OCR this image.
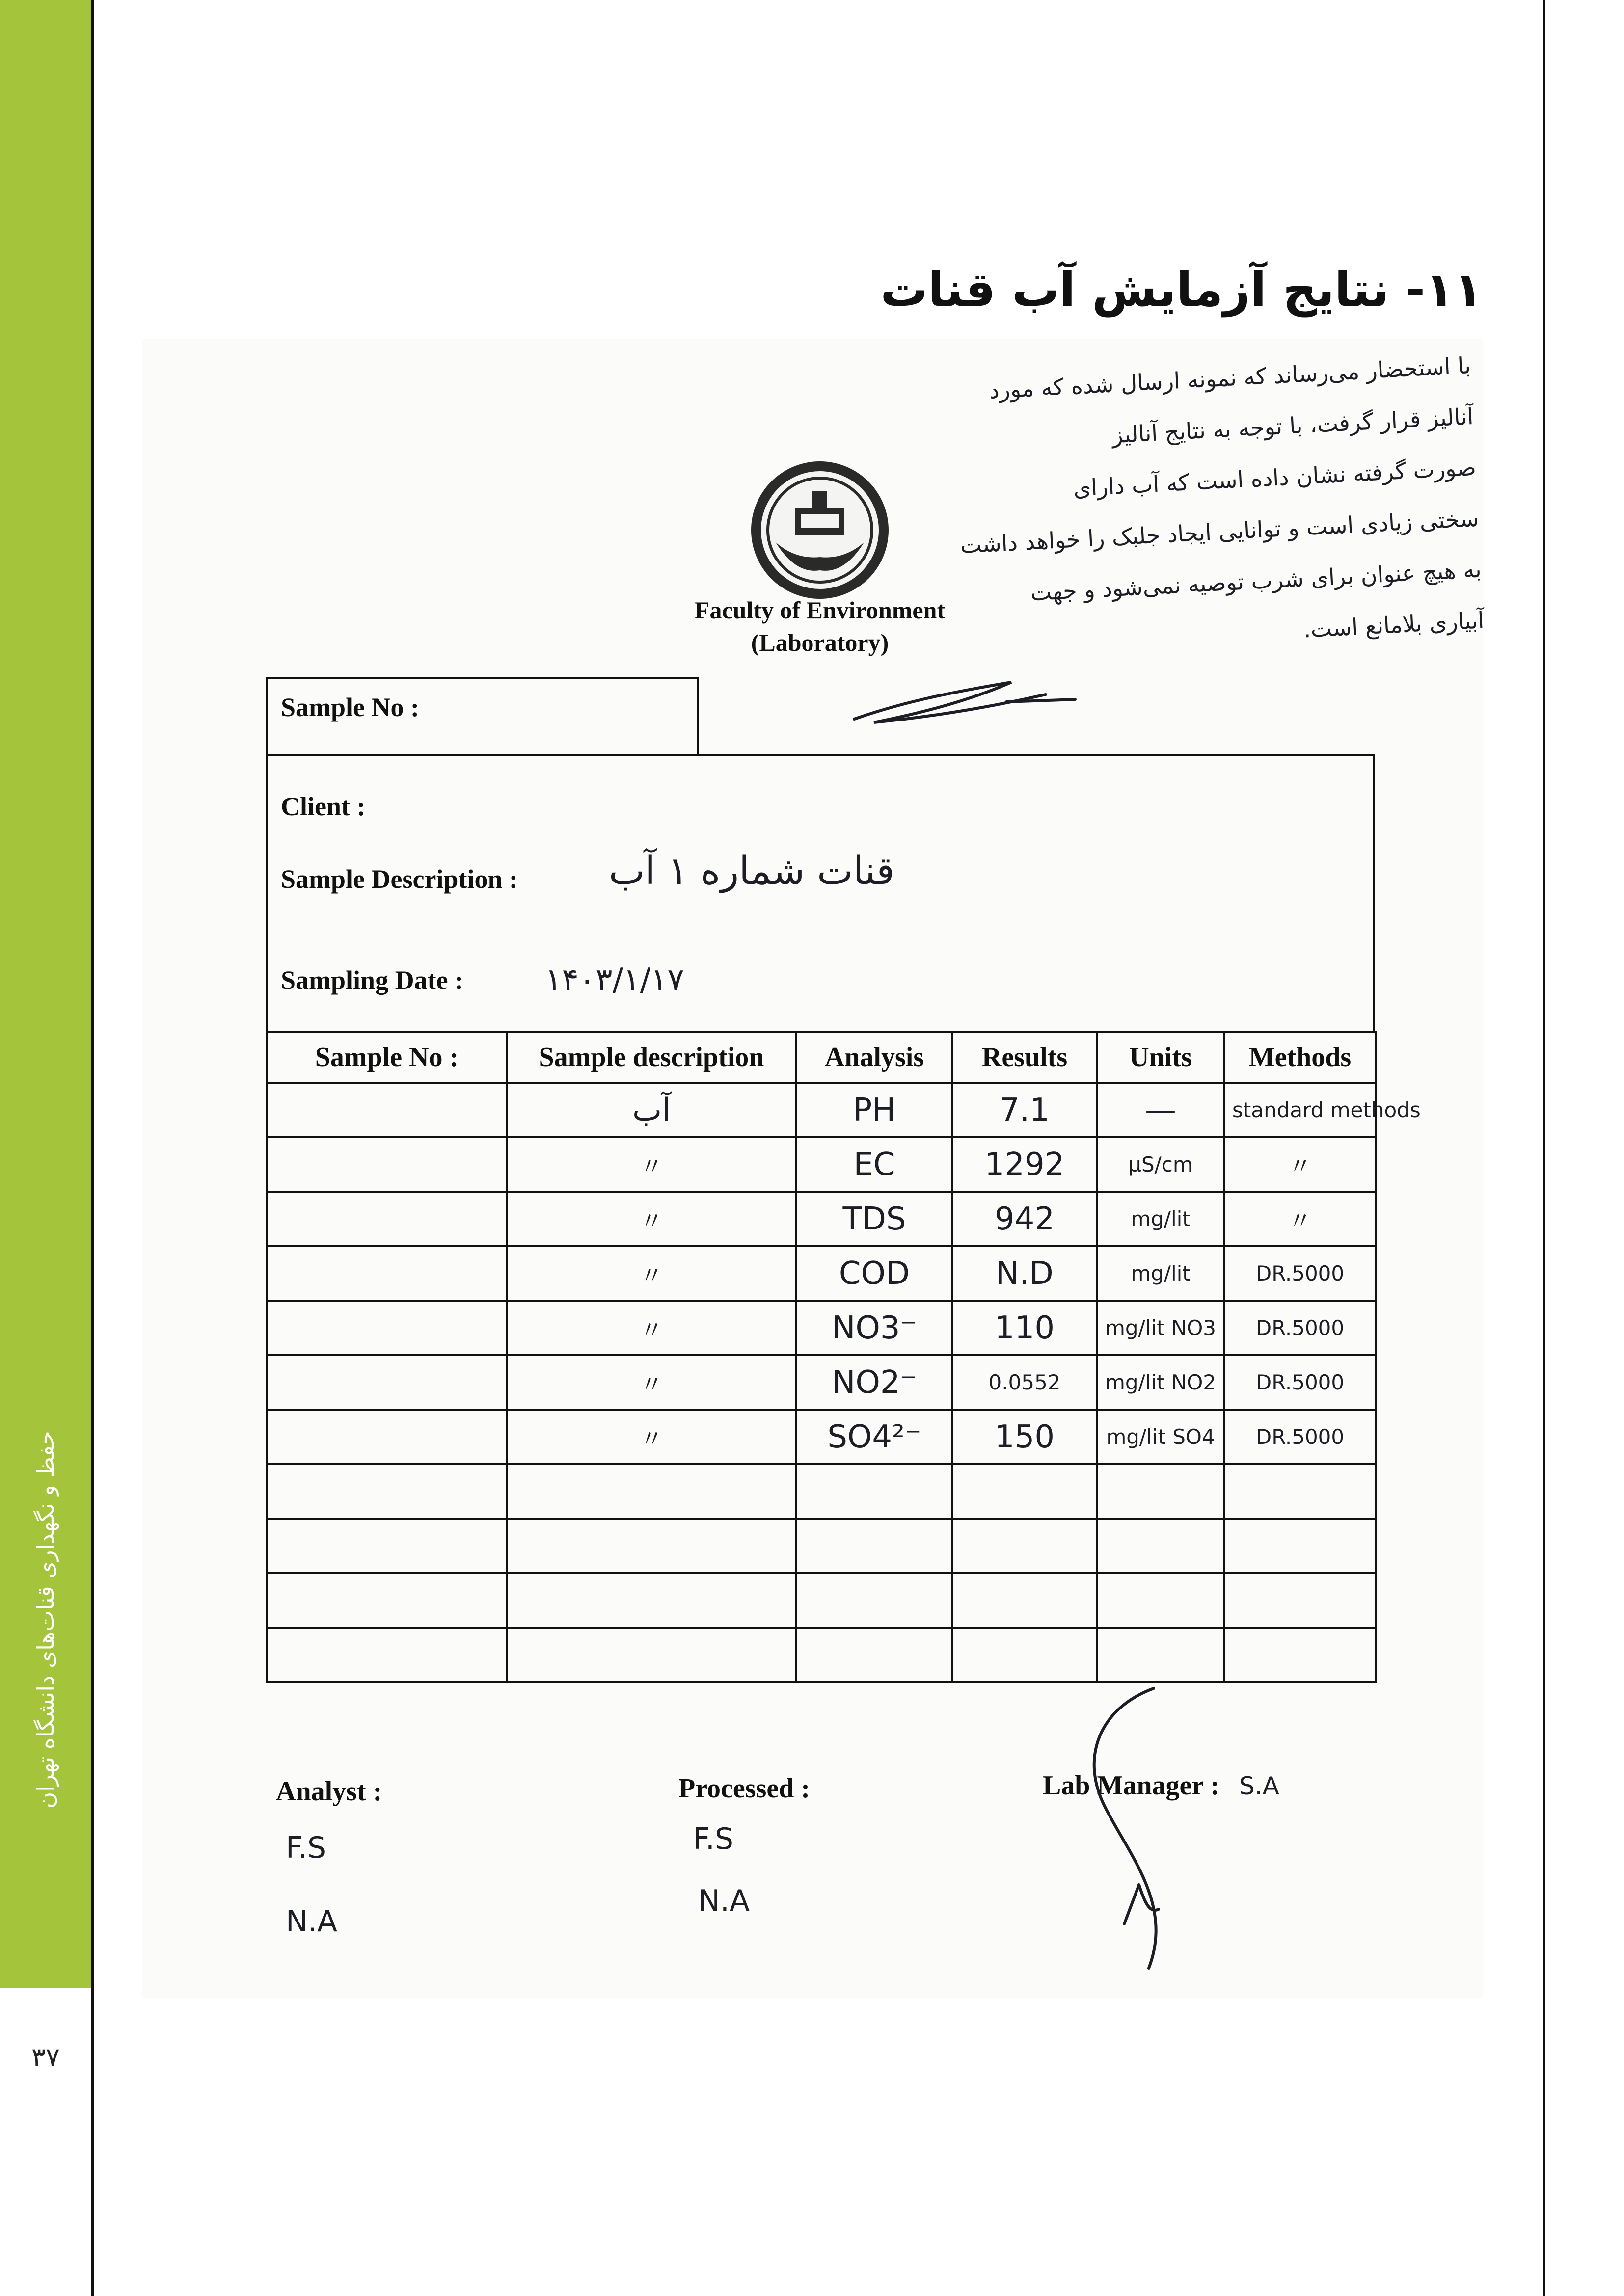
حفظ و نگهداری قنات‌های دانشگاه تهران
۳۷
۱۱- نتایج آزمایش آب قنات
با استحضار می‌رساند که نمونه ارسال شده که مورد
آنالیز قرار گرفت، با توجه به نتایج آنالیز
صورت گرفته نشان داده است که آب دارای
سختی زیادی است و توانایی ایجاد جلبک را خواهد داشت
به هیچ عنوان برای شرب توصیه نمی‌شود و جهت
آبیاری بلامانع است.
Faculty of Environment
(Laboratory)
Sample No :
Client :
Sample Description : قنات شماره ۱ آب
Sampling Date :	۱۴۰۳/۱/۱۷
Sample No :	Sample description	Analysis	Results	Units	Methods
	آب	PH	7.1	—	standard methods
	〃	EC	1292	µS/cm	〃
	〃	TDS	942	mg/lit	〃
	〃	COD	N.D	mg/lit	DR.5000
	〃	NO3⁻	110	mg/lit NO3	DR.5000
	〃	NO2⁻	0.0552	mg/lit NO2	DR.5000
	〃	SO4²⁻	150	mg/lit SO4	DR.5000

Analyst :
F.S
N.A
Processed :
F.S
N.A
Lab Manager : S.A
